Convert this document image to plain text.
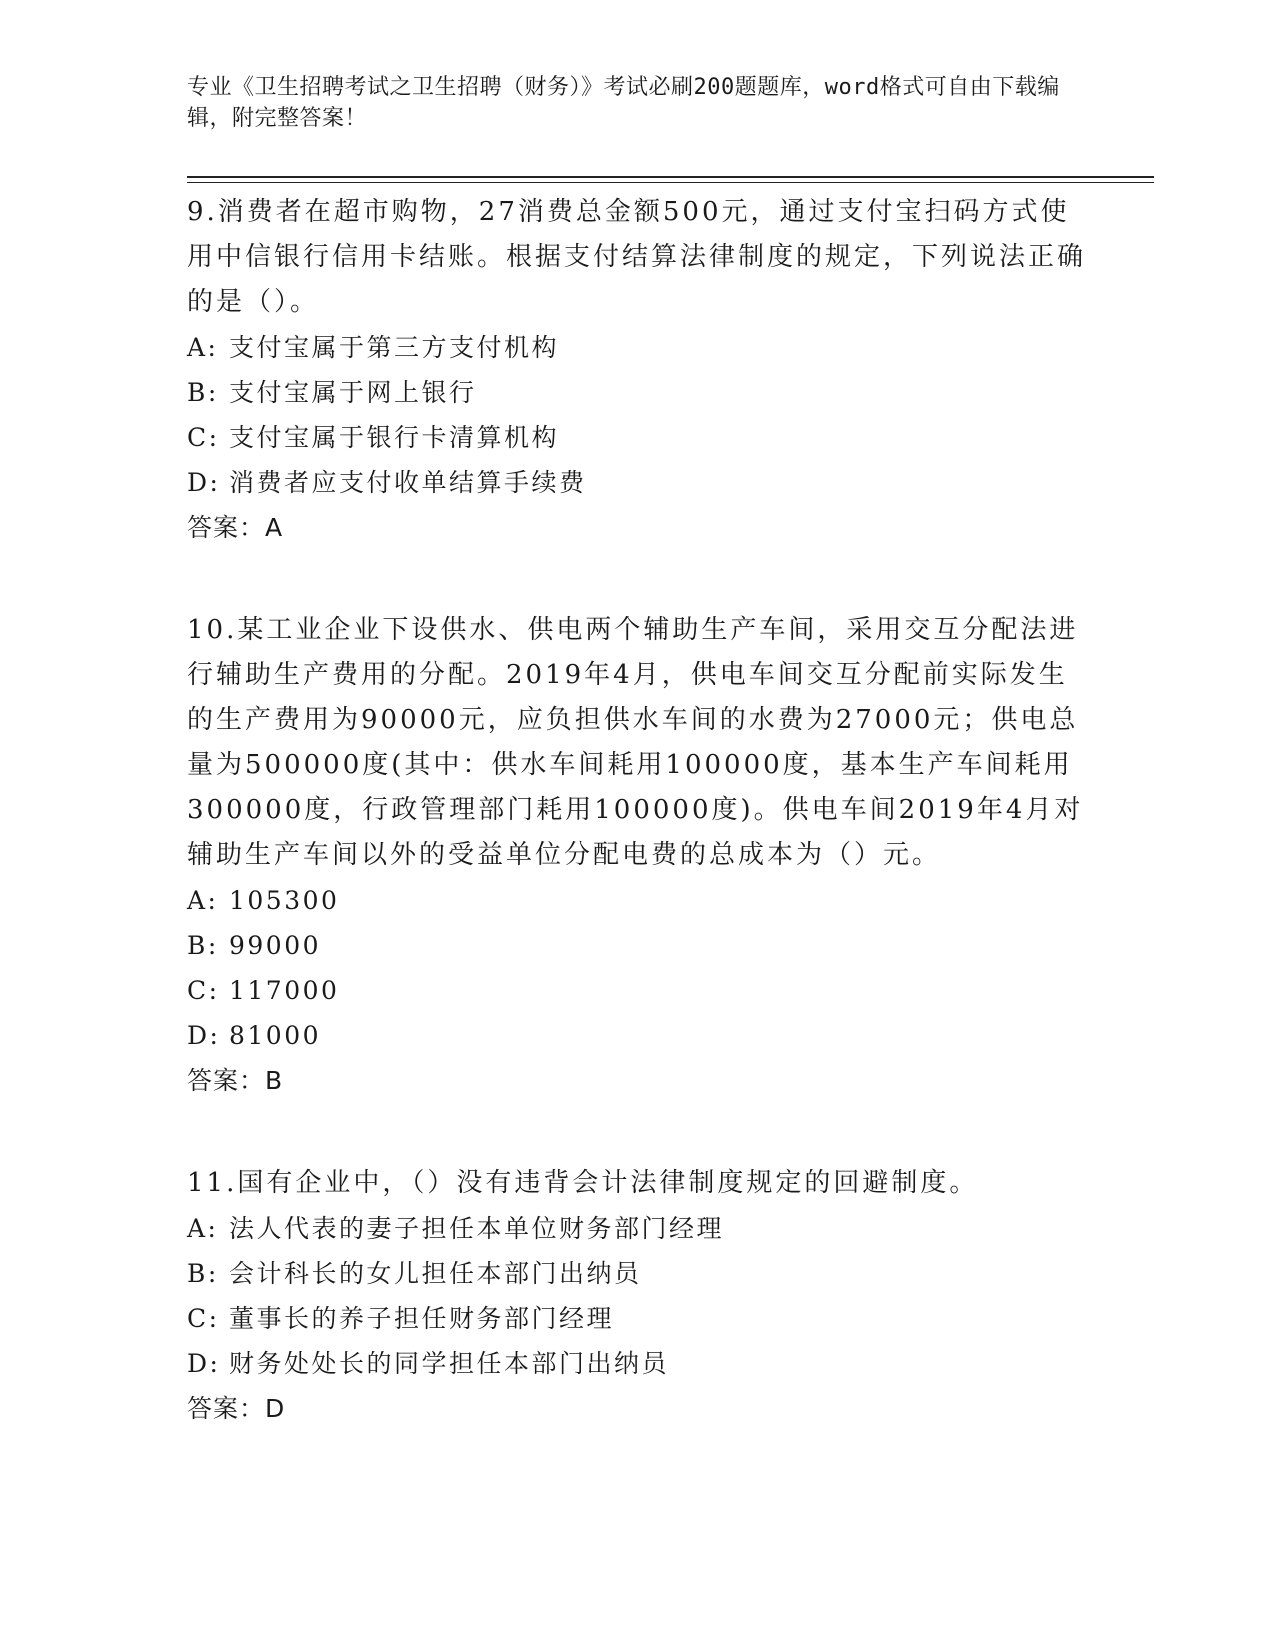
专业《卫生招聘考试之卫生招聘（财务）》考试必刷200题题库，word格式可自由下载编辑，附完整答案！

9.消费者在超市购物，27消费总金额500元，通过支付宝扫码方式使用中信银行信用卡结账。根据支付结算法律制度的规定，下列说法正确的是（）。

A: 支付宝属于第三方支付机构
B: 支付宝属于网上银行
C: 支付宝属于银行卡清算机构
D: 消费者应支付收单结算手续费
答案：A

10.某工业企业下设供水、供电两个辅助生产车间，采用交互分配法进行辅助生产费用的分配。2019年4月，供电车间交互分配前实际发生的生产费用为90000元，应负担供水车间的水费为27000元；供电总量为500000度(其中：供水车间耗用100000度，基本生产车间耗用300000度，行政管理部门耗用100000度)。供电车间2019年4月对辅助生产车间以外的受益单位分配电费的总成本为（）元。

A: 105300
B: 99000
C: 117000
D: 81000
答案：B

11.国有企业中，（）没有违背会计法律制度规定的回避制度。

A: 法人代表的妻子担任本单位财务部门经理
B: 会计科长的女儿担任本部门出纳员
C: 董事长的养子担任财务部门经理
D: 财务处处长的同学担任本部门出纳员
答案：D
